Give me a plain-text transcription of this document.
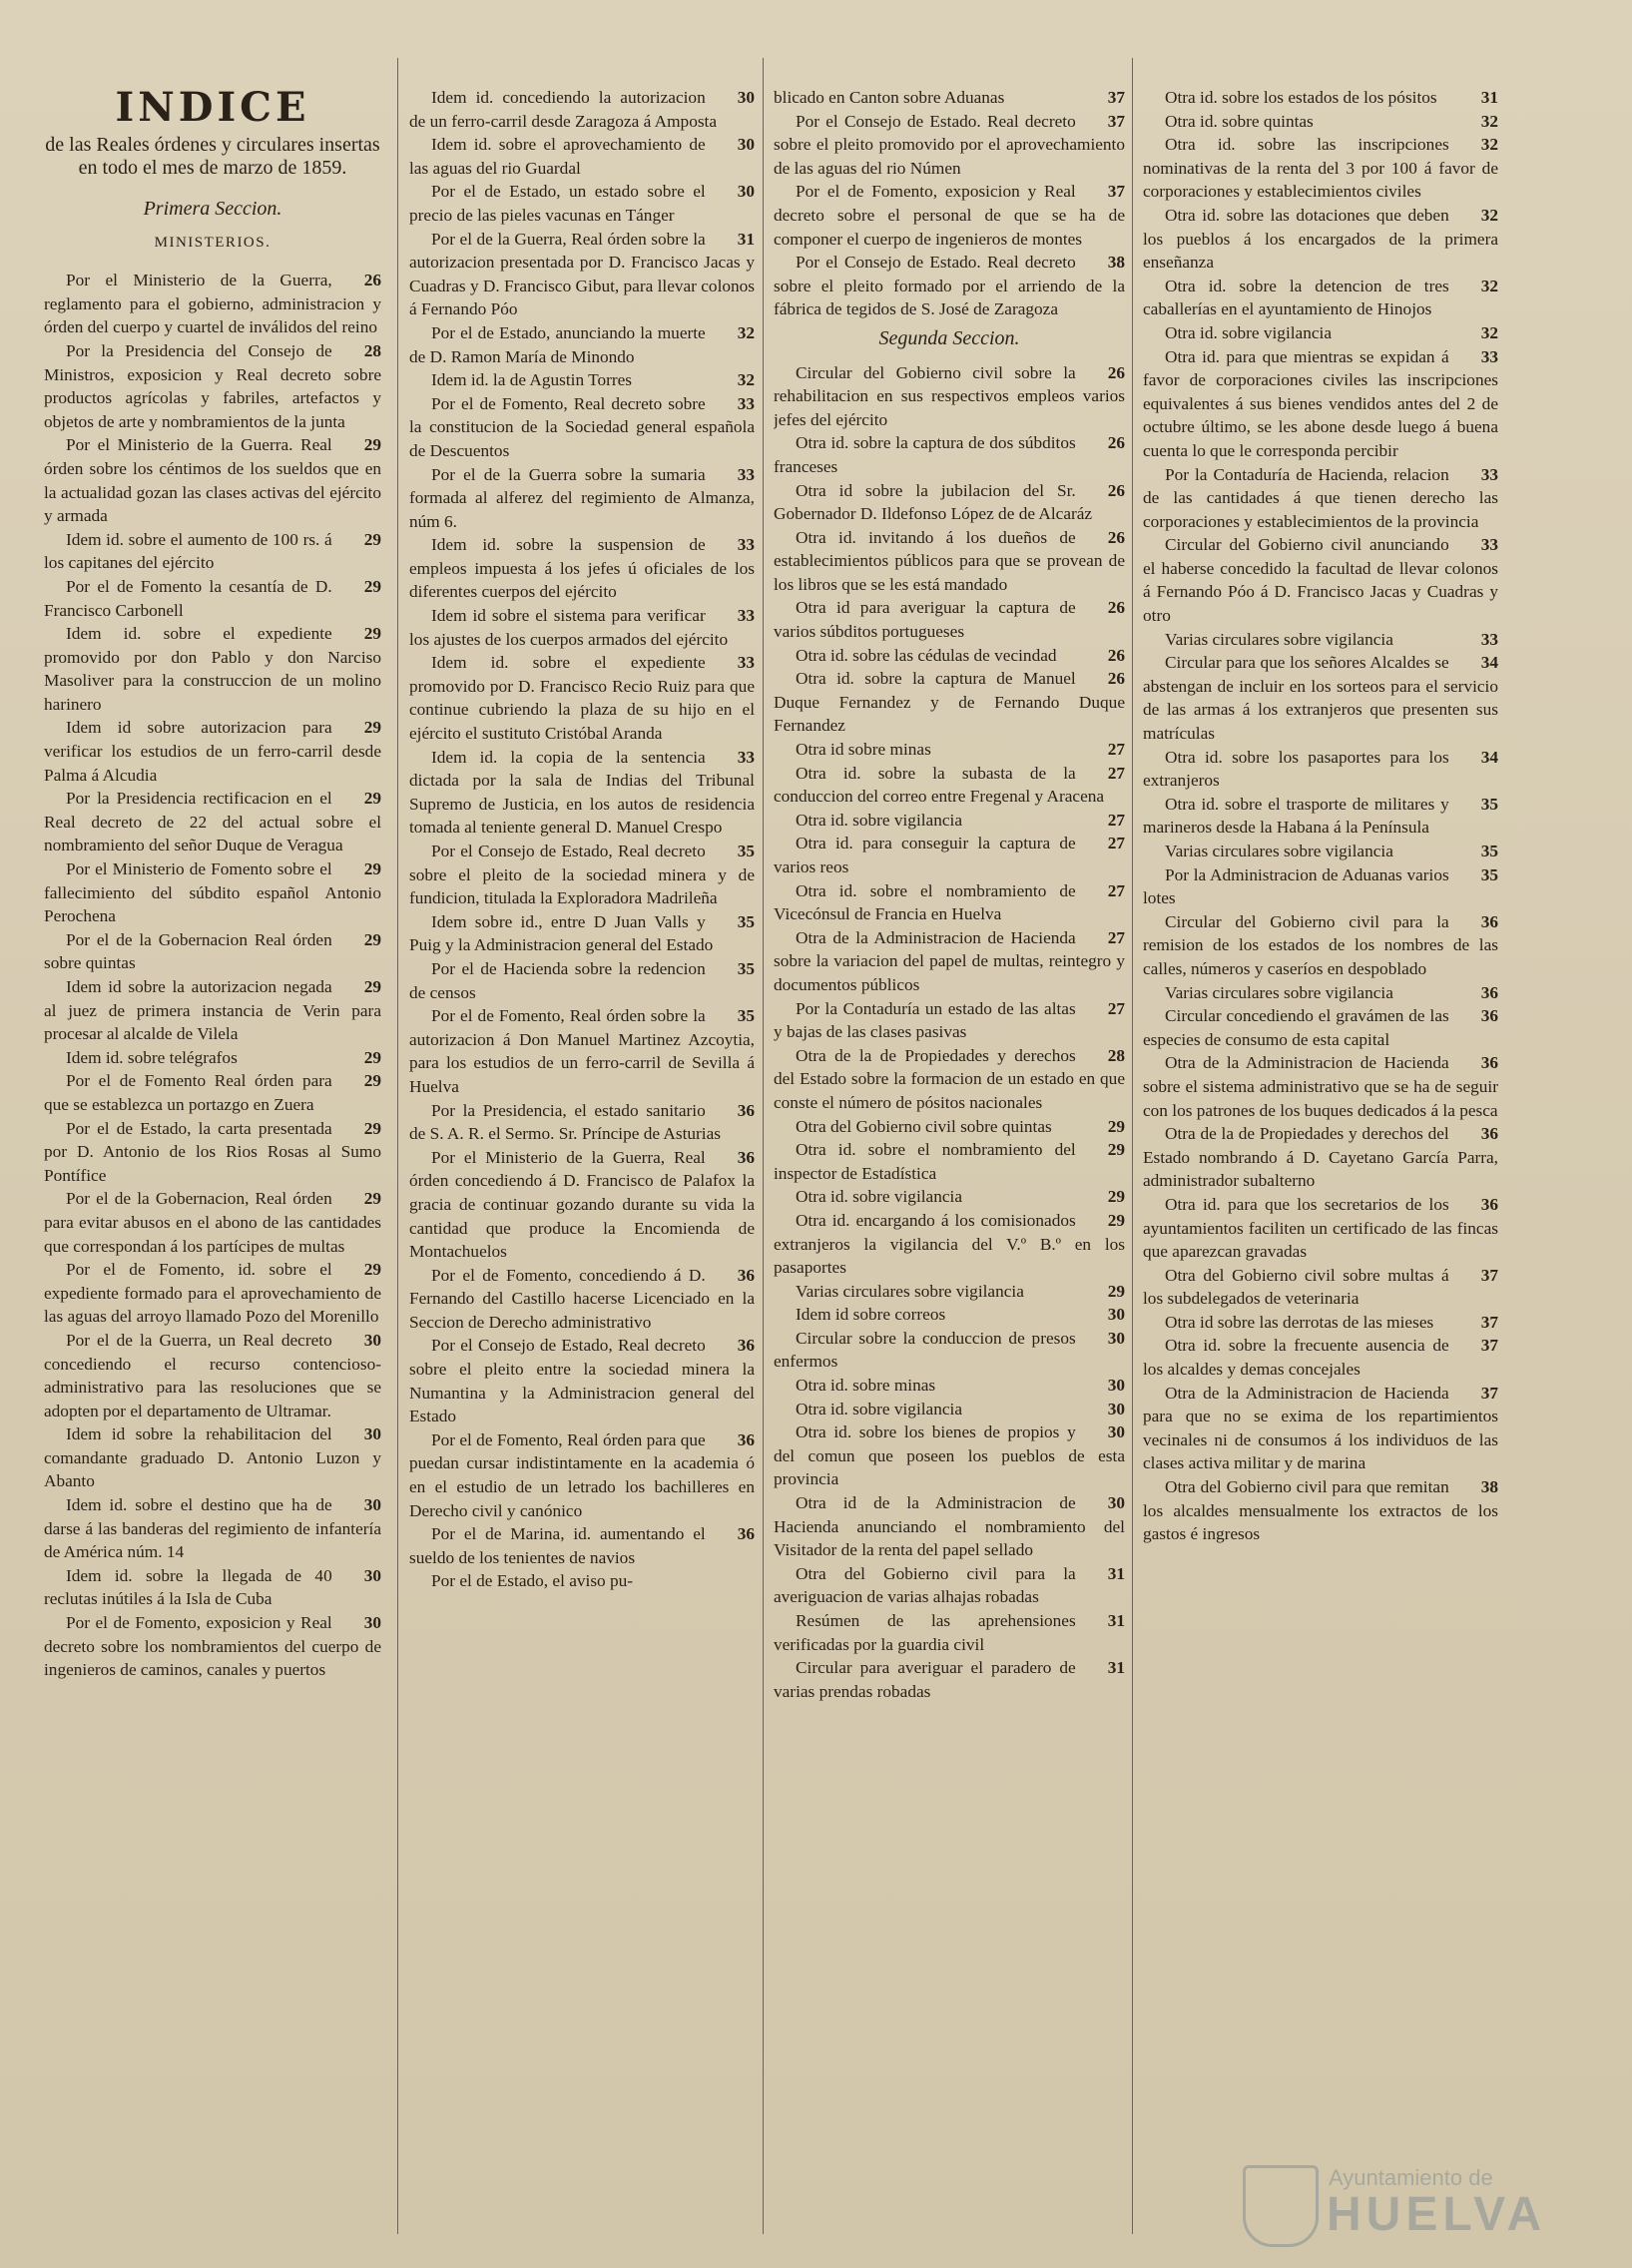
INDICE

de las Reales órdenes y circulares insertas en todo el mes de marzo de 1859.

Primera Seccion.
MINISTERIOS.

26
Por el Ministerio de la Guerra, reglamento para el gobierno, administracion y órden del cuerpo y cuartel de inválidos del reino

28
Por la Presidencia del Consejo de Ministros, exposicion y Real decreto sobre productos agrícolas y fabriles, artefactos y objetos de arte y nombramientos de la junta

29
Por el Ministerio de la Guerra. Real órden sobre los céntimos de los sueldos que en la actualidad gozan las clases activas del ejército y armada

29
Idem id. sobre el aumento de 100 rs. á los capitanes del ejército

29
Por el de Fomento la cesantía de D. Francisco Carbonell

29
Idem id. sobre el expediente promovido por don Pablo y don Narciso Masoliver para la construccion de un molino harinero

29
Idem id sobre autorizacion para verificar los estudios de un ferro-carril desde Palma á Alcudia

29
Por la Presidencia rectificacion en el Real decreto de 22 del actual sobre el nombramiento del señor Duque de Veragua

29
Por el Ministerio de Fomento sobre el fallecimiento del súbdito español Antonio Perochena

29
Por el de la Gobernacion Real órden sobre quintas

29
Idem id sobre la autorizacion negada al juez de primera instancia de Verin para procesar al alcalde de Vilela

29
Idem id. sobre telégrafos

29
Por el de Fomento Real órden para que se establezca un portazgo en Zuera

29
Por el de Estado, la carta presentada por D. Antonio de los Rios Rosas al Sumo Pontífice

29
Por el de la Gobernacion, Real órden para evitar abusos en el abono de las cantidades que correspondan á los partícipes de multas

29
Por el de Fomento, id. sobre el expediente formado para el aprovechamiento de las aguas del arroyo llamado Pozo del Morenillo

30
Por el de la Guerra, un Real decreto concediendo el recurso contencioso-administrativo para las resoluciones que se adopten por el departamento de Ultramar.

30
Idem id sobre la rehabilitacion del comandante graduado D. Antonio Luzon y Abanto

30
Idem id. sobre el destino que ha de darse á las banderas del regimiento de infantería de América núm. 14

30
Idem id. sobre la llegada de 40 reclutas inútiles á la Isla de Cuba

30
Por el de Fomento, exposicion y Real decreto sobre los nombramientos del cuerpo de ingenieros de caminos, canales y puertos

30
Idem id. concediendo la autorizacion de un ferro-carril desde Zaragoza á Amposta

30
Idem id. sobre el aprovechamiento de las aguas del rio Guardal

30
Por el de Estado, un estado sobre el precio de las pieles vacunas en Tánger

31
Por el de la Guerra, Real órden sobre la autorizacion presentada por D. Francisco Jacas y Cuadras y D. Francisco Gibut, para llevar colonos á Fernando Póo

32
Por el de Estado, anunciando la muerte de D. Ramon María de Minondo

32
Idem id. la de Agustin Torres

33
Por el de Fomento, Real decreto sobre la constitucion de la Sociedad general española de Descuentos

33
Por el de la Guerra sobre la sumaria formada al alferez del regimiento de Almanza, núm 6.

33
Idem id. sobre la suspension de empleos impuesta á los jefes ú oficiales de los diferentes cuerpos del ejército

33
Idem id sobre el sistema para verificar los ajustes de los cuerpos armados del ejército

33
Idem id. sobre el expediente promovido por D. Francisco Recio Ruiz para que continue cubriendo la plaza de su hijo en el ejército el sustituto Cristóbal Aranda

33
Idem id. la copia de la sentencia dictada por la sala de Indias del Tribunal Supremo de Justicia, en los autos de residencia tomada al teniente general D. Manuel Crespo

35
Por el Consejo de Estado, Real decreto sobre el pleito de la sociedad minera y de fundicion, titulada la Exploradora Madrileña

35
Idem sobre id., entre D Juan Valls y Puig y la Administracion general del Estado

35
Por el de Hacienda sobre la redencion de censos

35
Por el de Fomento, Real órden sobre la autorizacion á Don Manuel Martinez Azcoytia, para los estudios de un ferro-carril de Sevilla á Huelva

36
Por la Presidencia, el estado sanitario de S. A. R. el Sermo. Sr. Príncipe de Asturias

36
Por el Ministerio de la Guerra, Real órden concediendo á D. Francisco de Palafox la gracia de continuar gozando durante su vida la cantidad que produce la Encomienda de Montachuelos

36
Por el de Fomento, concediendo á D. Fernando del Castillo hacerse Licenciado en la Seccion de Derecho administrativo

36
Por el Consejo de Estado, Real decreto sobre el pleito entre la sociedad minera la Numantina y la Administracion general del Estado

36
Por el de Fomento, Real órden para que puedan cursar indistintamente en la academia ó en el estudio de un letrado los bachilleres en Derecho civil y canónico

36
Por el de Marina, id. aumentando el sueldo de los tenientes de navios

Por el de Estado, el aviso pu-

37
blicado en Canton sobre Aduanas

37
Por el Consejo de Estado. Real decreto sobre el pleito promovido por el aprovechamiento de las aguas del rio Númen

37
Por el de Fomento, exposicion y Real decreto sobre el personal de que se ha de componer el cuerpo de ingenieros de montes

38
Por el Consejo de Estado. Real decreto sobre el pleito formado por el arriendo de la fábrica de tegidos de S. José de Zaragoza

Segunda Seccion.

26
Circular del Gobierno civil sobre la rehabilitacion en sus respectivos empleos varios jefes del ejército

26
Otra id. sobre la captura de dos súbditos franceses

26
Otra id sobre la jubilacion del Sr. Gobernador D. Ildefonso López de de Alcaráz

26
Otra id. invitando á los dueños de establecimientos públicos para que se provean de los libros que se les está mandado

26
Otra id para averiguar la captura de varios súbditos portugueses

26
Otra id. sobre las cédulas de vecindad

26
Otra id. sobre la captura de Manuel Duque Fernandez y de Fernando Duque Fernandez

27
Otra id sobre minas

27
Otra id. sobre la subasta de la conduccion del correo entre Fregenal y Aracena

27
Otra id. sobre vigilancia

27
Otra id. para conseguir la captura de varios reos

27
Otra id. sobre el nombramiento de Vicecónsul de Francia en Huelva

27
Otra de la Administracion de Hacienda sobre la variacion del papel de multas, reintegro y documentos públicos

27
Por la Contaduría un estado de las altas y bajas de las clases pasivas

28
Otra de la de Propiedades y derechos del Estado sobre la formacion de un estado en que conste el número de pósitos nacionales

29
Otra del Gobierno civil sobre quintas

29
Otra id. sobre el nombramiento del inspector de Estadística

29
Otra id. sobre vigilancia

29
Otra id. encargando á los comisionados extranjeros la vigilancia del V.º B.º en los pasaportes

29
Varias circulares sobre vigilancia

30
Idem id sobre correos

30
Circular sobre la conduccion de presos enfermos

30
Otra id. sobre minas

30
Otra id. sobre vigilancia

30
Otra id. sobre los bienes de propios y del comun que poseen los pueblos de esta provincia

30
Otra id de la Administracion de Hacienda anunciando el nombramiento del Visitador de la renta del papel sellado

31
Otra del Gobierno civil para la averiguacion de varias alhajas robadas

31
Resúmen de las aprehensiones verificadas por la guardia civil

31
Circular para averiguar el paradero de varias prendas robadas

31
Otra id. sobre los estados de los pósitos

32
Otra id. sobre quintas

32
Otra id. sobre las inscripciones nominativas de la renta del 3 por 100 á favor de corporaciones y establecimientos civiles

32
Otra id. sobre las dotaciones que deben los pueblos á los encargados de la primera enseñanza

32
Otra id. sobre la detencion de tres caballerías en el ayuntamiento de Hinojos

32
Otra id. sobre vigilancia

33
Otra id. para que mientras se expidan á favor de corporaciones civiles las inscripciones equivalentes á sus bienes vendidos antes del 2 de octubre último, se les abone desde luego á buena cuenta lo que le corresponda percibir

33
Por la Contaduría de Hacienda, relacion de las cantidades á que tienen derecho las corporaciones y establecimientos de la provincia

33
Circular del Gobierno civil anunciando el haberse concedido la facultad de llevar colonos á Fernando Póo á D. Francisco Jacas y Cuadras y otro

33
Varias circulares sobre vigilancia

34
Circular para que los señores Alcaldes se abstengan de incluir en los sorteos para el servicio de las armas á los extranjeros que presenten sus matrículas

34
Otra id. sobre los pasaportes para los extranjeros

35
Otra id. sobre el trasporte de militares y marineros desde la Habana á la Península

35
Varias circulares sobre vigilancia

35
Por la Administracion de Aduanas varios lotes

36
Circular del Gobierno civil para la remision de los estados de los nombres de las calles, números y caseríos en despoblado

36
Varias circulares sobre vigilancia

36
Circular concediendo el gravámen de las especies de consumo de esta capital

36
Otra de la Administracion de Hacienda sobre el sistema administrativo que se ha de seguir con los patrones de los buques dedicados á la pesca

36
Otra de la de Propiedades y derechos del Estado nombrando á D. Cayetano García Parra, administrador subalterno

36
Otra id. para que los secretarios de los ayuntamientos faciliten un certificado de las fincas que aparezcan gravadas

37
Otra del Gobierno civil sobre multas á los subdelegados de veterinaria

37
Otra id sobre las derrotas de las mieses

37
Otra id. sobre la frecuente ausencia de los alcaldes y demas concejales

37
Otra de la Administracion de Hacienda para que no se exima de los repartimientos vecinales ni de consumos á los individuos de las clases activa militar y de marina

38
Otra del Gobierno civil para que remitan los alcaldes mensualmente los extractos de los gastos é ingresos

Ayuntamiento de
HUELVA
